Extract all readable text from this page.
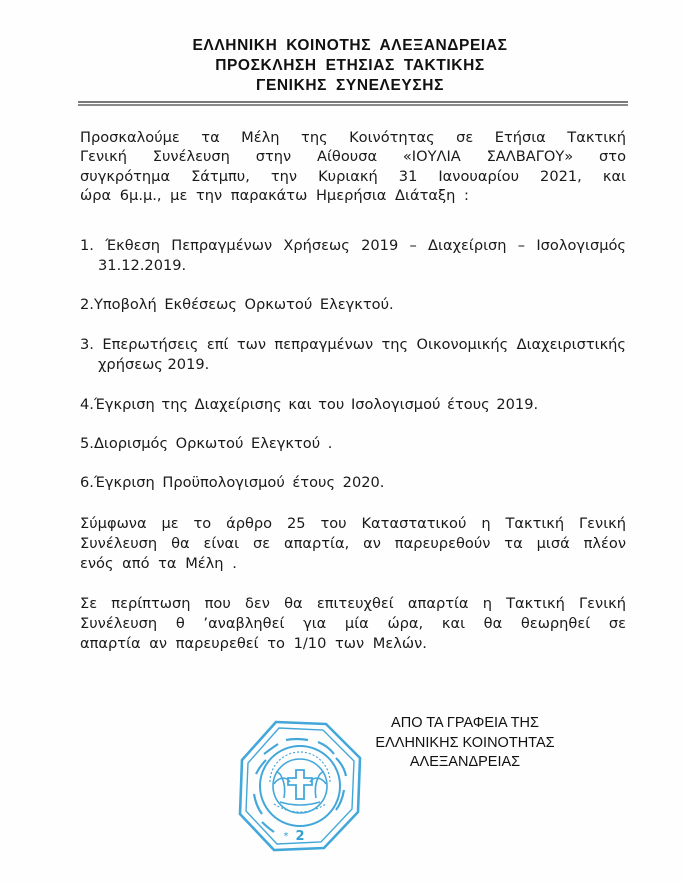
ΕΛΛΗΝΙΚΗ ΚΟΙΝΟΤΗΣ ΑΛΕΞΑΝΔΡΕΙΑΣ
ΠΡΟΣΚΛΗΣΗ ΕΤΗΣΙΑΣ ΤΑΚΤΙΚΗΣ
ΓΕΝΙΚΗΣ ΣΥΝΕΛΕΥΣΗΣ
Προσκαλούμε τα Μέλη της Κοινότητας σε Ετήσια Τακτική
Γενική Συνέλευση στην Αίθουσα «ΙΟΥΛΙΑ ΣΑΛΒΑΓΟΥ» στο
συγκρότημα Σάτμπυ, την Κυριακή 31 Ιανουαρίου 2021, και
ώρα 6μ.μ., με την παρακάτω Ημερήσια Διάταξη :
1. Έκθεση Πεπραγμένων Χρήσεως 2019 – Διαχείριση – Ισολογισμός
31.12.2019.
2.Υποβολή Εκθέσεως Ορκωτού Ελεγκτού.
3. Επερωτήσεις επί των πεπραγμένων της Οικονομικής Διαχειριστικής
χρήσεως 2019.
4.Έγκριση της Διαχείρισης και του Ισολογισμού έτους 2019.
5.Διορισμός Ορκωτού Ελεγκτού .
6.Έγκριση Προϋπολογισμού έτους 2020.
Σύμφωνα με το άρθρο 25 του Καταστατικού η Τακτική Γενική
Συνέλευση θα είναι σε απαρτία, αν παρευρεθούν τα μισά πλέον
ενός από τα Μέλη .
Σε περίπτωση που δεν θα επιτευχθεί απαρτία η Τακτική Γενική
Συνέλευση θ ’αναβληθεί για μία ώρα, και θα θεωρηθεί σε
απαρτία αν παρευρεθεί το 1/10 των Μελών.
ΑΠΟ ΤΑ ΓΡΑΦΕΙΑ ΤΗΣ
ΕΛΛΗΝΙΚΗΣ ΚΟΙΝΟΤΗΤΑΣ
ΑΛΕΞΑΝΔΡΕΙΑΣ
2
*
